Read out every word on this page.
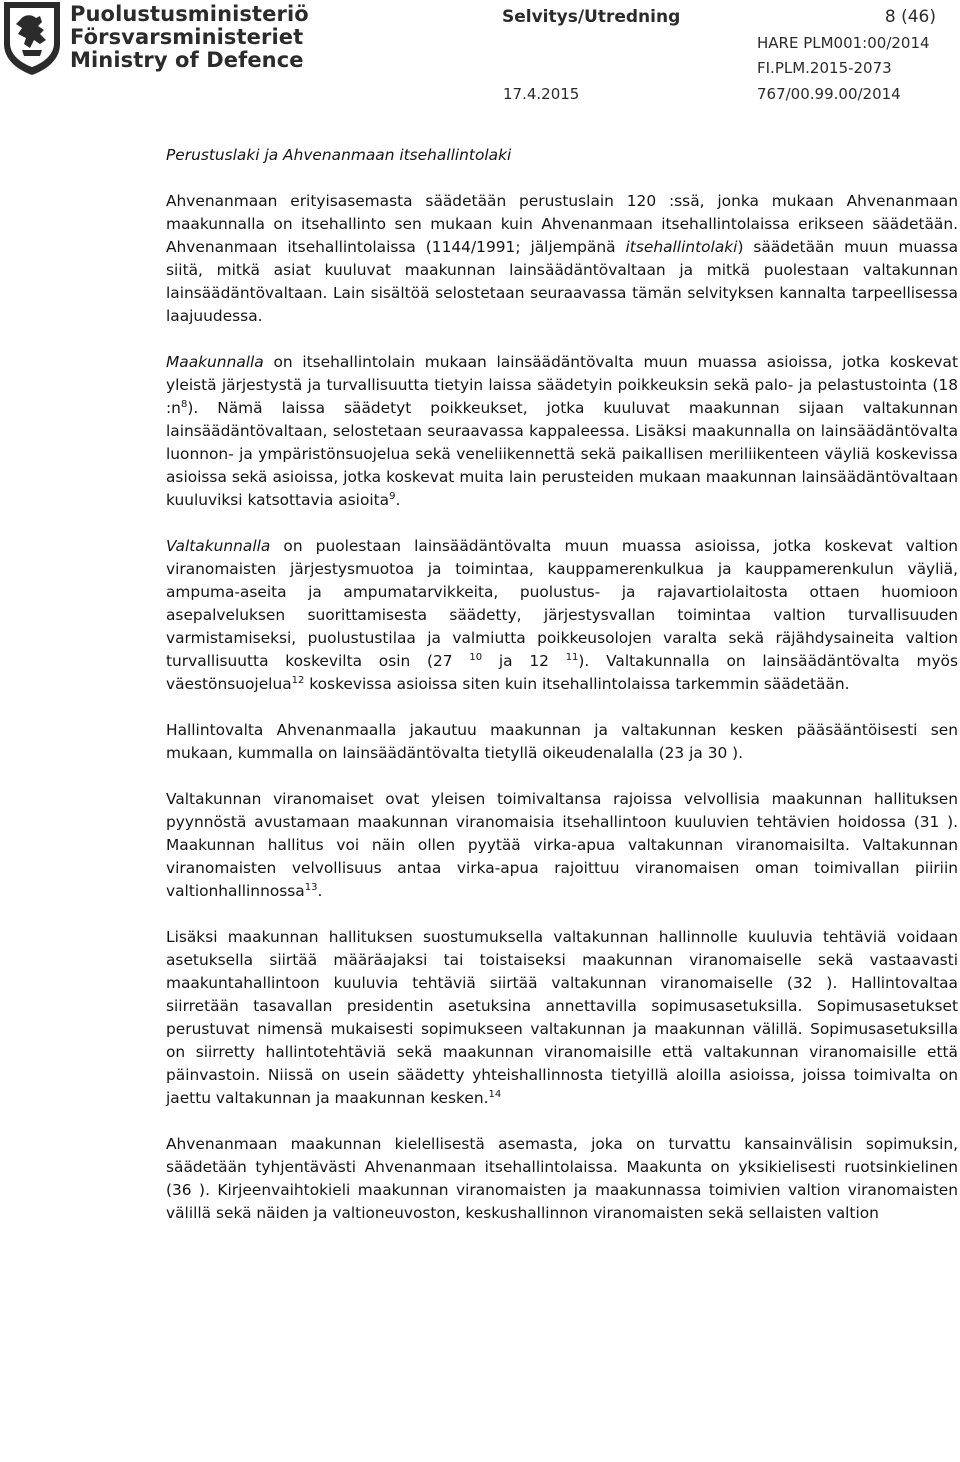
Puolustusministeriö
Försvarsministeriet
Ministry of Defence
Selvitys/Utredning	8 (46)
HARE PLM001:00/2014
FI.PLM.2015-2073
17.4.2015	767/00.99.00/2014

Perustuslaki ja Ahvenanmaan itsehallintolaki

Ahvenanmaan erityisasemasta säädetään perustuslain 120 :ssä, jonka mukaan Ahvenanmaan maakunnalla on itsehallinto sen mukaan kuin Ahvenanmaan itsehallintolaissa erikseen säädetään. Ahvenanmaan itsehallintolaissa (1144/1991; jäljempänä itsehallintolaki) säädetään muun muassa siitä, mitkä asiat kuuluvat maakunnan lainsäädäntövaltaan ja mitkä puolestaan valtakunnan lainsäädäntövaltaan. Lain sisältöä selostetaan seuraavassa tämän selvityksen kannalta tarpeellisessa laajuudessa.

Maakunnalla on itsehallintolain mukaan lainsäädäntövalta muun muassa asioissa, jotka koskevat yleistä järjestystä ja turvallisuutta tietyin laissa säädetyin poikkeuksin sekä palo- ja pelastustointa (18 $:n^8$). Nämä laissa säädetyt poikkeukset, jotka kuuluvat maakunnan sijaan valtakunnan lainsäädäntövaltaan, selostetaan seuraavassa kappaleessa. Lisäksi maakunnalla on lainsäädäntövalta luonnon- ja ympäristönsuojelua sekä veneliikennettä sekä paikallisen meriliikenteen väyliä koskevissa asioissa sekä asioissa, jotka koskevat muita lain perusteiden mukaan maakunnan lainsäädäntövaltaan kuuluviksi katsottavia asioita$^9$.

Valtakunnalla on puolestaan lainsäädäntövalta muun muassa asioissa, jotka koskevat valtion viranomaisten järjestysmuotoa ja toimintaa, kauppamerenkulkua ja kauppamerenkulun väyliä, ampuma-aseita ja ampumatarvikkeita, puolustus- ja rajavartiolaitosta ottaen huomioon asepalveluksen suorittamisesta säädetty, järjestysvallan toimintaa valtion turvallisuuden varmistamiseksi, puolustustilaa ja valmiutta poikkeusolojen varalta sekä räjähdysaineita valtion turvallisuutta koskevilta osin (27 $^{10}$ ja 12 $^{11}$). Valtakunnalla on lainsäädäntövalta myös väestönsuojelua$^{12}$ koskevissa asioissa siten kuin itsehallintolaissa tarkemmin säädetään.

Hallintovalta Ahvenanmaalla jakautuu maakunnan ja valtakunnan kesken pääsääntöisesti sen mukaan, kummalla on lainsäädäntövalta tietyllä oikeudenalalla (23 ja 30 ).

Valtakunnan viranomaiset ovat yleisen toimivaltansa rajoissa velvollisia maakunnan hallituksen pyynnöstä avustamaan maakunnan viranomaisia itsehallintoon kuuluvien tehtävien hoidossa (31 ). Maakunnan hallitus voi näin ollen pyytää virka-apua valtakunnan viranomaisilta. Valtakunnan viranomaisten velvollisuus antaa virka-apua rajoittuu viranomaisen oman toimivallan piiriin valtionhallinnossa$^{13}$.

Lisäksi maakunnan hallituksen suostumuksella valtakunnan hallinnolle kuuluvia tehtäviä voidaan asetuksella siirtää määräajaksi tai toistaiseksi maakunnan viranomaiselle sekä vastaavasti maakuntahallintoon kuuluvia tehtäviä siirtää valtakunnan viranomaiselle (32 ). Hallintovaltaa siirretään tasavallan presidentin asetuksina annettavilla sopimusasetuksilla. Sopimusasetukset perustuvat nimensä mukaisesti sopimukseen valtakunnan ja maakunnan välillä. Sopimusasetuksilla on siirretty hallintotehtäviä sekä maakunnan viranomaisille että valtakunnan viranomaisille että päinvastoin. Niissä on usein säädetty yhteishallinnosta tietyillä aloilla asioissa, joissa toimivalta on jaettu valtakunnan ja maakunnan kesken.$^{14}$

Ahvenanmaan maakunnan kielellisestä asemasta, joka on turvattu kansainvälisin sopimuksin, säädetään tyhjentävästi Ahvenanmaan itsehallintolaissa. Maakunta on yksikielisesti ruotsinkielinen (36 ). Kirjeenvaihtokieli maakunnan viranomaisten ja maakunnassa toimivien valtion viranomaisten välillä sekä näiden ja valtioneuvoston, keskushallinnon viranomaisten sekä sellaisten valtion
